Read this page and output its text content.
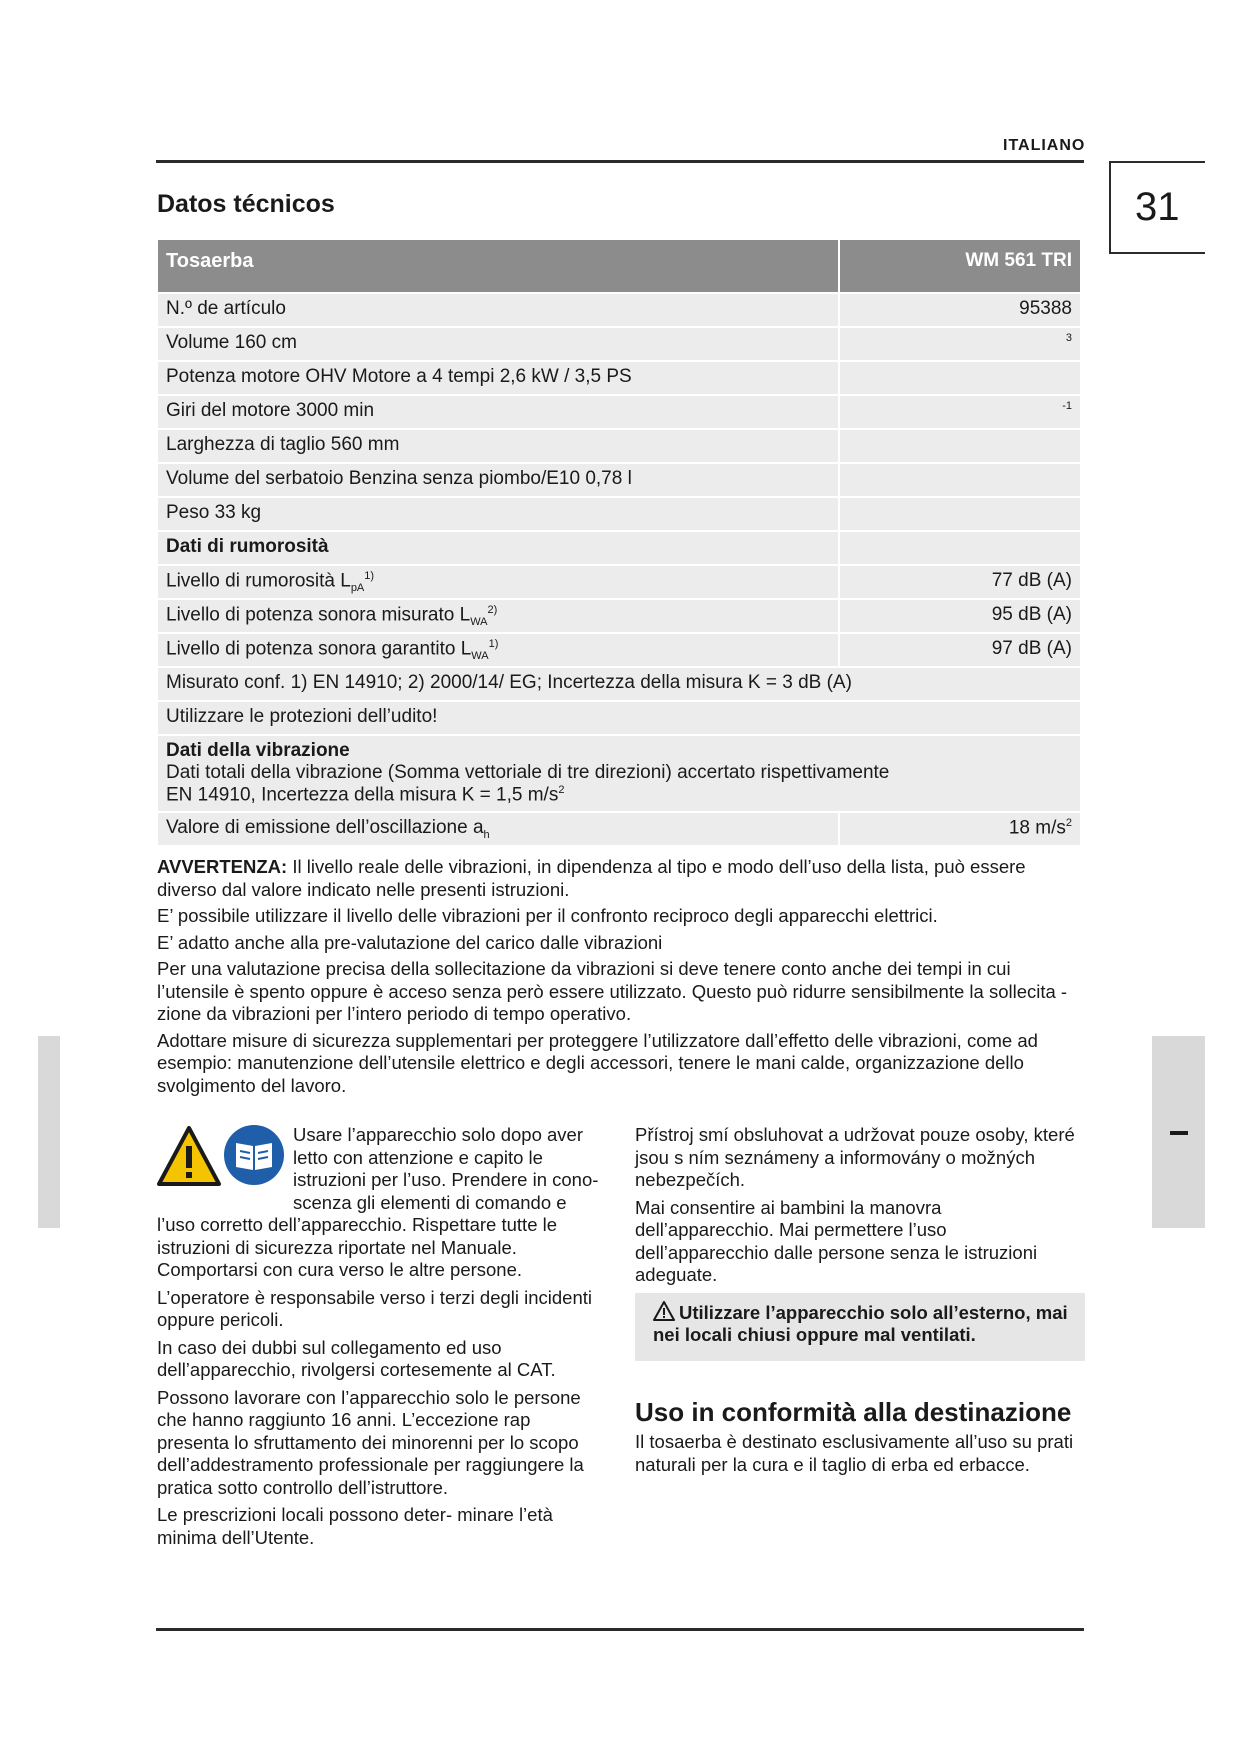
ITALIANO
31
Datos técnicos
Tosaerba	WM 561 TRI
N.º de artículo	95388
Volume 160 cm	$^3$
Potenza motore OHV Motore a 4 tempi 2,6 kW / 3,5 PS	
Giri del motore 3000 min	$^{-1}$
Larghezza di taglio 560 mm	
Volume del serbatoio Benzina senza piombo/E10 0,78 l	
Peso 33 kg	
Dati di rumorosità	
Livello di rumorosità $L_{pA}^{1)}$	77 dB (A)
Livello di potenza sonora misurato $L_{WA}^{2)}$	95 dB (A)
Livello di potenza sonora garantito $L_{WA}^{1)}$	97 dB (A)
Misurato conf. 1) EN 14910; 2) 2000/14/ EG; Incertezza della misura K = 3 dB (A)	
Utilizzare le protezioni dell’udito!	

Dati della vibrazione
Dati totali della vibrazione (Somma vettoriale di tre direzioni) accertato rispettivamente
EN 14910, Incertezza della misura K = 1,5 $m/s^2$

Valore di emissione dell’oscillazione $a_h$	18 $m/s^2$

AVVERTENZA: Il livello reale delle vibrazioni, in dipendenza al tipo e modo dell’uso della lista, può essere diverso dal valore indicato nelle presenti istruzioni.

E’ possibile utilizzare il livello delle vibrazioni per il confronto reciproco degli apparecchi elettrici.

E’ adatto anche alla pre-valutazione del carico dalle vibrazioni

Per una valutazione precisa della sollecitazione da vibrazioni si deve tenere conto anche dei tempi in cui l’utensile è spento oppure è acceso senza però essere utilizzato. Questo può ridurre sensibilmente la sollecita - zione da vibrazioni per l’intero periodo di tempo operativo.

Adottare misure di sicurezza supplementari per proteggere l’utilizzatore dall’effetto delle vibrazioni, come ad esempio: manutenzione dell’utensile elettrico e degli accessori, tenere le mani calde, organizzazione dello svolgimento del lavoro.

Usare l’apparecchio solo dopo aver letto con attenzione e capito le istruzioni per l’uso. Prendere in cono-scenza gli elementi di comando e l’uso corretto dell’apparecchio. Rispettare tutte le istruzioni di sicurezza riportate nel Manuale. Comportarsi con cura verso le altre persone.

L’operatore è responsabile verso i terzi degli incidenti oppure pericoli.

In caso dei dubbi sul collegamento ed uso dell’apparecchio, rivolgersi cortesemente al CAT.

Possono lavorare con l’apparecchio solo le persone che hanno raggiunto 16 anni. L’eccezione rap presenta lo sfruttamento dei minorenni per lo scopo dell’addestramento professionale per raggiungere la pratica sotto controllo dell’istruttore.

Le prescrizioni locali possono deter- minare l’età minima dell’Utente.

Přístroj smí obsluhovat a udržovat pouze osoby, které jsou s ním seznámeny a informovány o možných nebezpečích.

Mai consentire ai bambini la manovra dell’apparecchio. Mai permettere l’uso dell’apparecchio dalle persone senza le istruzioni adeguate.

Utilizzare l’apparecchio solo all’esterno, mai nei locali chiusi oppure mal ventilati.
Uso in conformità alla destinazione

Il tosaerba è destinato esclusivamente all’uso su prati naturali per la cura e il taglio di erba ed erbacce.
